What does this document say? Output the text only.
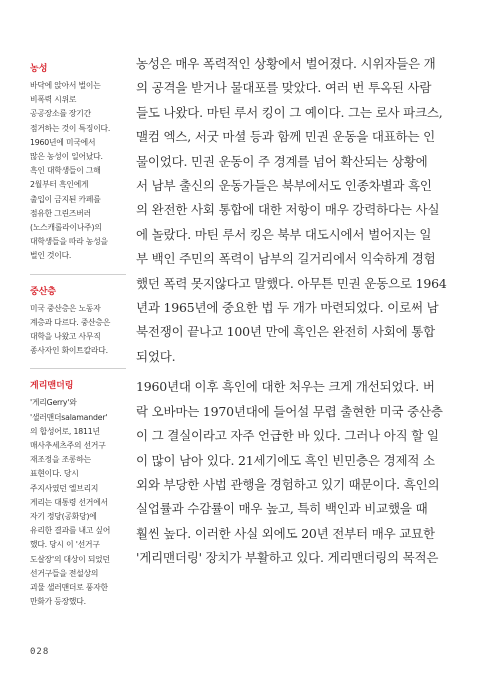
농성
바닥에 앉아서 벌이는
비폭력 시위로
공공장소를 장기간
점거하는 것이 특징이다.
1960년에 미국에서
많은 농성이 일어났다.
흑인 대학생들이 그해
2월부터 흑인에게
출입이 금지된 카페를
점유한 그린즈버러
(노스캐롤라이나주)의
대학생들을 따라 농성을
벌인 것이다.
중산층
미국 중산층은 노동자
계층과 다르다. 중산층은
대학을 나왔고 사무직
종사자인 화이트칼라다.
게리맨더링
'게리Gerry'와
'샐러맨더salamander'
의 합성어로, 1811년
매사추세츠주의 선거구
재조정을 조롱하는
표현이다. 당시
주지사였던 엘브리지
게리는 대통령 선거에서
자기 정당(공화당)에
유리한 결과를 내고 싶어
했다. 당시 이 '선거구
도살장'의 대상이 되었던
선거구들을 전설상의
괴물 샐러맨더로 풍자한
만화가 등장했다.

농성은 매우 폭력적인 상황에서 벌어졌다. 시위자들은 개
의 공격을 받거나 물대포를 맞았다. 여러 번 투옥된 사람
들도 나왔다. 마틴 루서 킹이 그 예이다. 그는 로사 파크스,
맬컴 엑스, 서굿 마셜 등과 함께 민권 운동을 대표하는 인
물이었다. 민권 운동이 주 경계를 넘어 확산되는 상황에
서 남부 출신의 운동가들은 북부에서도 인종차별과 흑인
의 완전한 사회 통합에 대한 저항이 매우 강력하다는 사실
에 놀랐다. 마틴 루서 킹은 북부 대도시에서 벌어지는 일
부 백인 주민의 폭력이 남부의 길거리에서 익숙하게 경험
했던 폭력 못지않다고 말했다. 아무튼 민권 운동으로 1964
년과 1965년에 중요한 법 두 개가 마련되었다. 이로써 남
북전쟁이 끝나고 100년 만에 흑인은 완전히 사회에 통합
되었다.

1960년대 이후 흑인에 대한 처우는 크게 개선되었다. 버
락 오바마는 1970년대에 들어설 무렵 출현한 미국 중산층
이 그 결실이라고 자주 언급한 바 있다. 그러나 아직 할 일
이 많이 남아 있다. 21세기에도 흑인 빈민층은 경제적 소
외와 부당한 사법 관행을 경험하고 있기 때문이다. 흑인의
실업률과 수감률이 매우 높고, 특히 백인과 비교했을 때
훨씬 높다. 이러한 사실 외에도 20년 전부터 매우 교묘한
'게리맨더링' 장치가 부활하고 있다. 게리맨더링의 목적은

028
